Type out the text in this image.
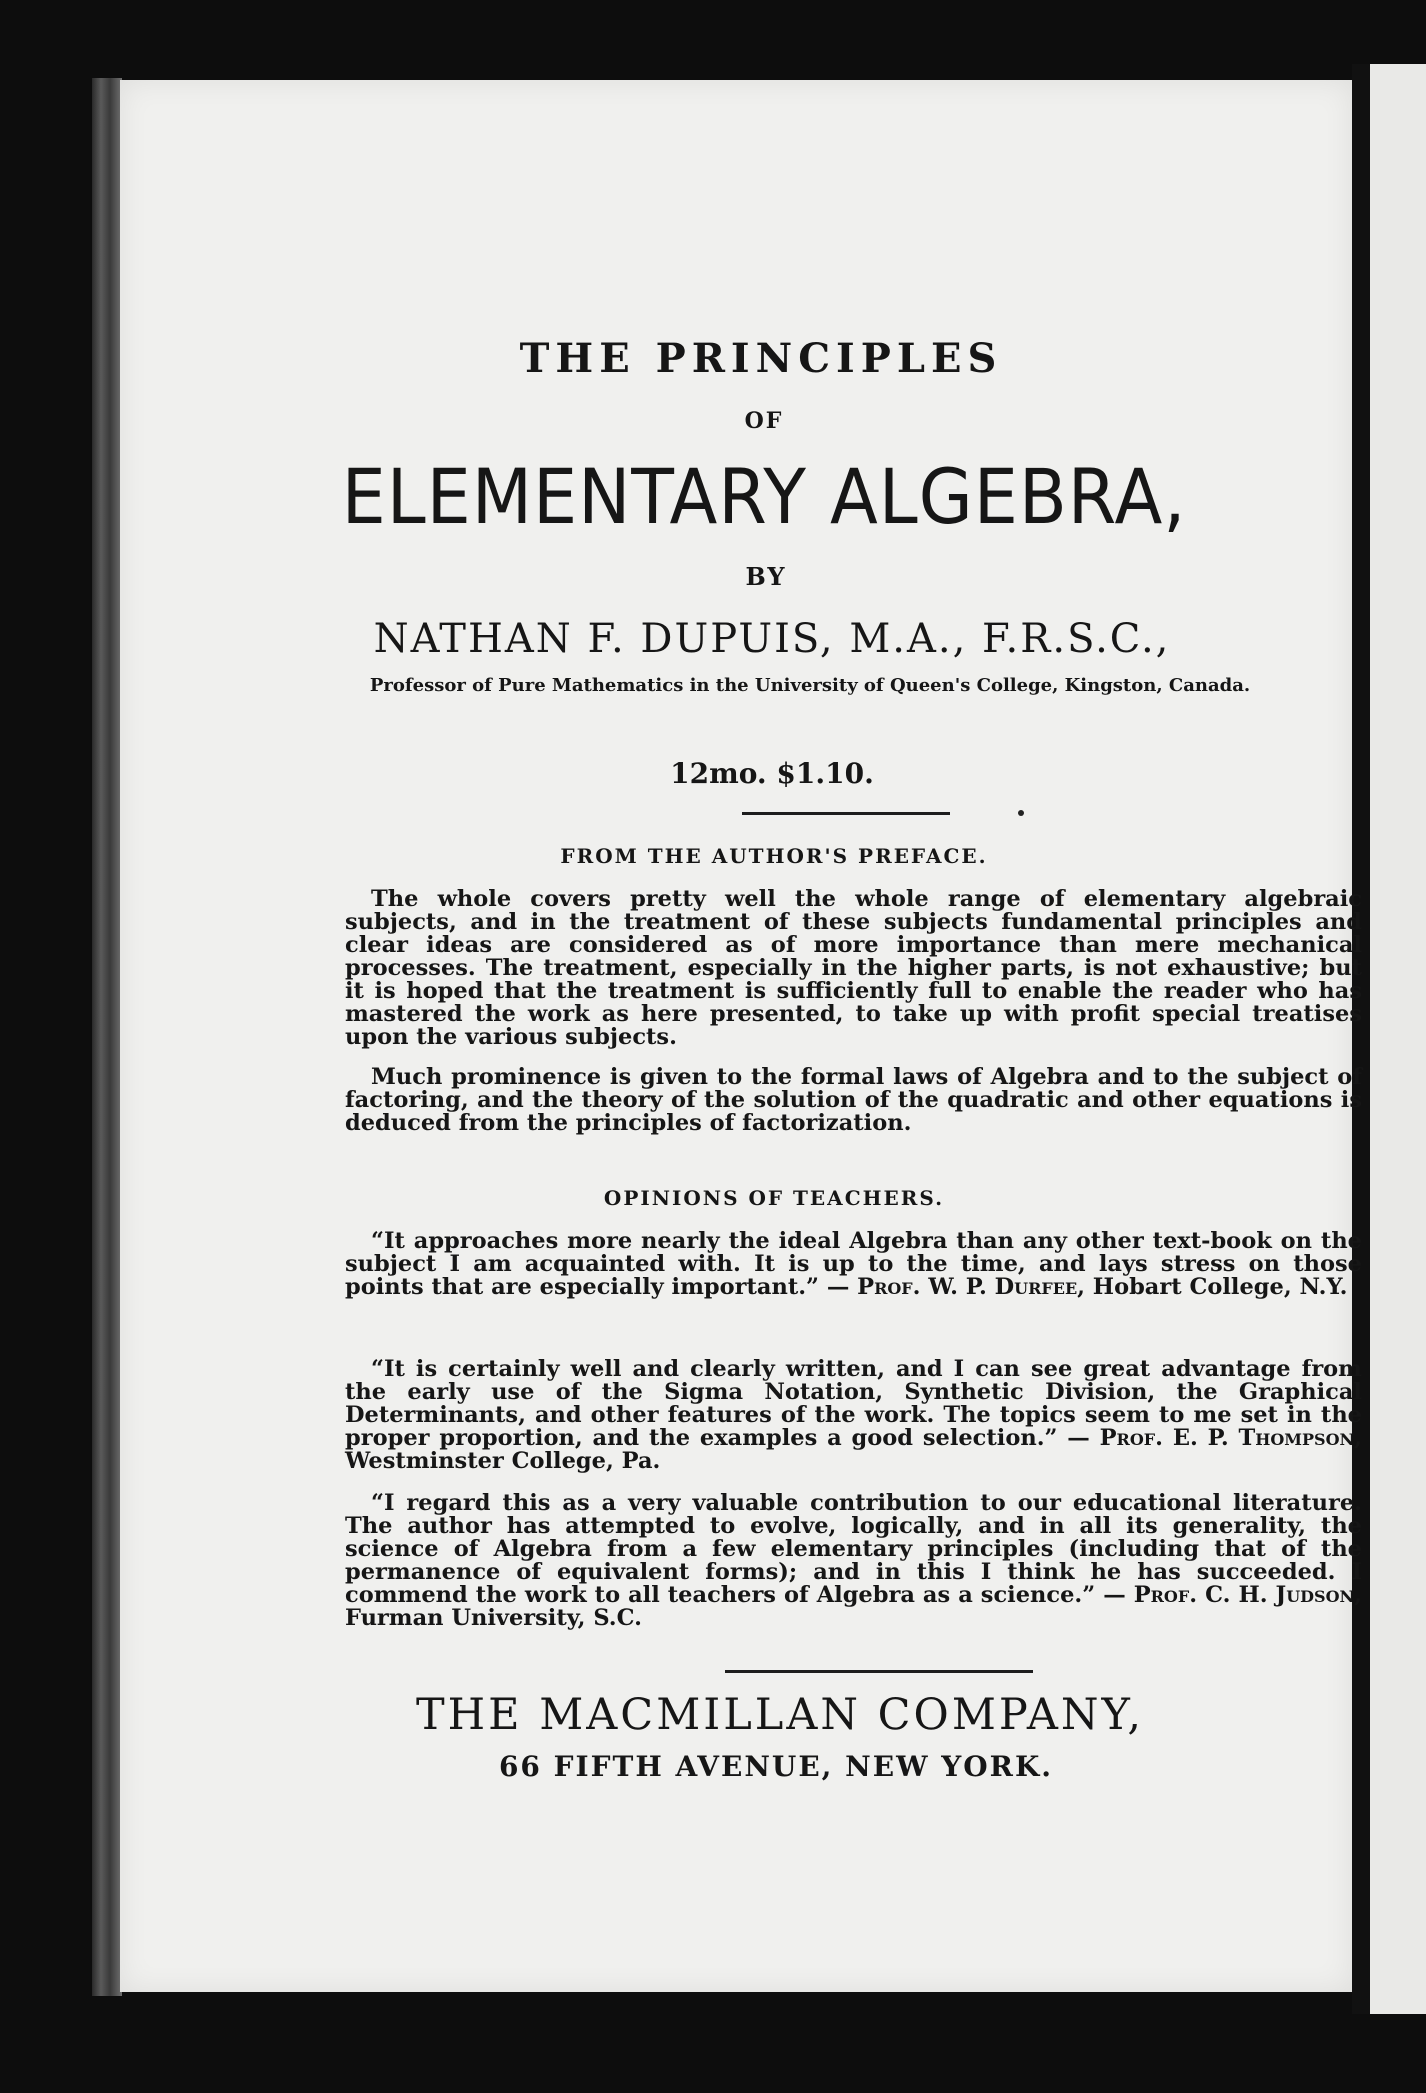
THE PRINCIPLES
OF
ELEMENTARY ALGEBRA,
BY
NATHAN F. DUPUIS, M.A., F.R.S.C.,
Professor of Pure Mathematics in the University of Queen's College, Kingston, Canada.
12mo. $1.10.
FROM THE AUTHOR'S PREFACE.

The whole covers pretty well the whole range of elementary algebraic subjects, and in the treatment of these subjects fundamental principles and clear ideas are considered as of more importance than mere mechanical processes. The treatment, especially in the higher parts, is not exhaustive; but it is hoped that the treatment is sufficiently full to enable the reader who has mastered the work as here presented, to take up with profit special treatises upon the various subjects.

Much prominence is given to the formal laws of Algebra and to the subject of factoring, and the theory of the solution of the quadratic and other equations is deduced from the principles of factorization.

OPINIONS OF TEACHERS.

“It approaches more nearly the ideal Algebra than any other text-book on the subject I am acquainted with. It is up to the time, and lays stress on those points that are especially important.” — Prof. W. P. Durfee, Hobart College, N.Y.

“It is certainly well and clearly written, and I can see great advantage from the early use of the Sigma Notation, Synthetic Division, the Graphical Determinants, and other features of the work. The topics seem to me set in the proper proportion, and the examples a good selection.” — Prof. E. P. Thompson, Westminster College, Pa.

“I regard this as a very valuable contribution to our educational literature. The author has attempted to evolve, logically, and in all its generality, the science of Algebra from a few elementary principles (including that of the permanence of equivalent forms); and in this I think he has succeeded. I commend the work to all teachers of Algebra as a science.” — Prof. C. H. Judson, Furman University, S.C.

THE MACMILLAN COMPANY,
66 FIFTH AVENUE, NEW YORK.
